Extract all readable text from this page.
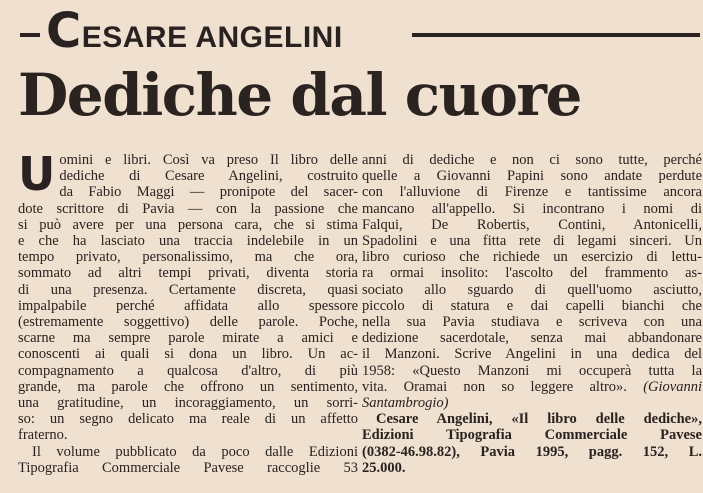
CESARE ANGELINI
Dediche dal cuore
U omini e libri. Così va preso Il libro delle
dediche di Cesare Angelini, costruito
da Fabio Maggi — pronipote del sacer-
dote scrittore di Pavia — con la passione che
si può avere per una persona cara, che si stima
e che ha lasciato una traccia indelebile in un
tempo privato, personalissimo, ma che ora,
sommato ad altri tempi privati, diventa storia
di una presenza. Certamente discreta, quasi
impalpabile perché affidata allo spessore
(estremamente soggettivo) delle parole. Poche,
scarne ma sempre parole mirate a amici e
conoscenti ai quali si dona un libro. Un ac-
compagnamento a qualcosa d'altro, di più
grande, ma parole che offrono un sentimento,
una gratitudine, un incoraggiamento, un sorri-
so: un segno delicato ma reale di un affetto
fraterno.
Il volume pubblicato da poco dalle Edizioni
Tipografia Commerciale Pavese raccoglie 53
anni di dediche e non ci sono tutte, perché
quelle a Giovanni Papini sono andate perdute
con l'alluvione di Firenze e tantissime ancora
mancano all'appello. Si incontrano i nomi di
Falqui, De Robertis, Contini, Antonicelli,
Spadolini e una fitta rete di legami sinceri. Un
libro curioso che richiede un esercizio di lettu-
ra ormai insolito: l'ascolto del frammento as-
sociato allo sguardo di quell'uomo asciutto,
piccolo di statura e dai capelli bianchi che
nella sua Pavia studiava e scriveva con una
dedizione sacerdotale, senza mai abbandonare
il Manzoni. Scrive Angelini in una dedica del
1958: «Questo Manzoni mi occuperà tutta la
vita. Oramai non so leggere altro». (Giovanni
Santambrogio)
Cesare Angelini, «Il libro delle dediche»,
Edizioni Tipografia Commerciale Pavese
(0382-46.98.82), Pavia 1995, pagg. 152, L.
25.000.
